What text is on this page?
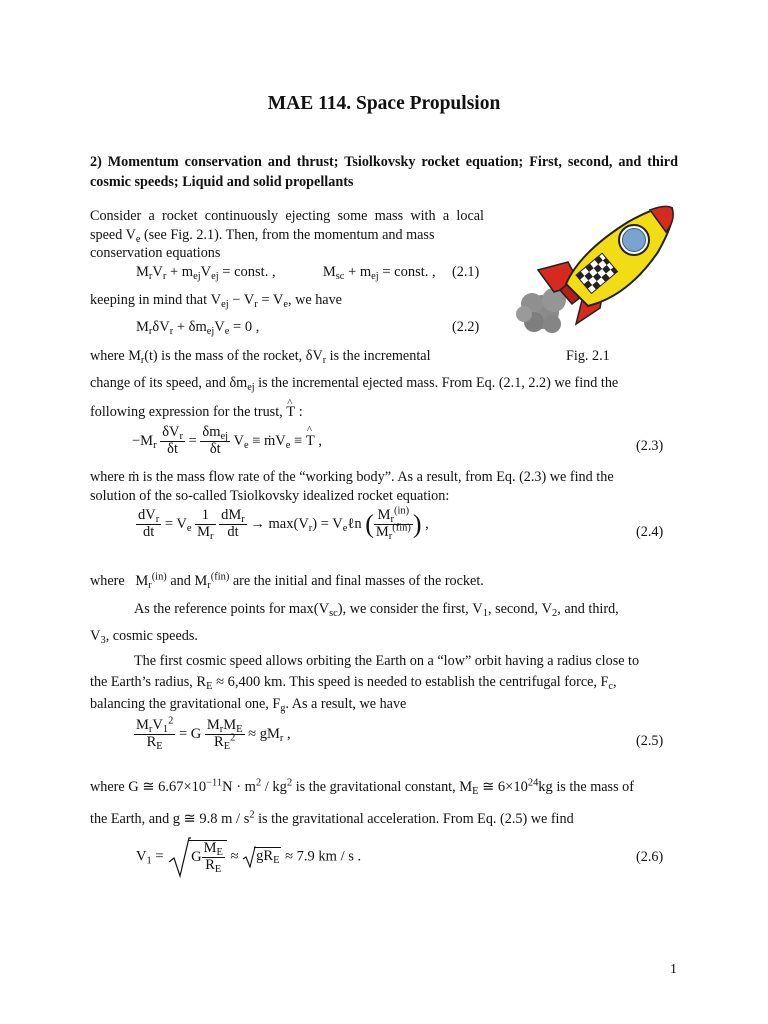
MAE 114. Space Propulsion
2) Momentum conservation and thrust; Tsiolkovsky rocket equation; First, second, and third cosmic speeds; Liquid and solid propellants
Consider a rocket continuously ejecting some mass with a local
speed $V_e$ (see Fig. 2.1). Then, from the momentum and mass
conservation equations
$M_rV_r + m_{ej}V_{ej}$ = const. ,	$M_{sc} + m_{ej}$ = const. , (2.1)
keeping in mind that $V_{ej} - V_r = V_e$, we have
$M_r\delta V_r + \delta m_{ej}V_e = 0$ ,	(2.2)
where $M_r(t)$ is the mass of the rocket, $\delta V_r$ is the incremental	Fig. 2.1
change of its speed, and $\delta m_{ej}$ is the incremental ejected mass. From Eq. (2.1, 2.2) we find the
following expression for the trust, ^ T :
$-M_r \frac{\delta V_r}{\delta t} = \frac{\delta m_{ej}}{\delta t} V_e$ ≡ ṁV$_e$ ≡ ^ T ,	(2.3)
where ṁ is the mass flow rate of the “working body”. As a result, from Eq. (2.3) we find the
solution of the so-called Tsiolkovsky idealized rocket equation:
$\frac{dV_r}{dt} = V_e \frac{1}{M_r}$
$\frac{dM_r}{dt} \to \max(V_r)$ = $V_e\ell n$ ( $\frac{M_r^{(in)}}{M_r^{(fin)}}$ ) ,
(2.4)
where $M_r^{(in)}$ and $M_r^{(fin)}$ are the initial and final masses of the rocket.
As the reference points for $\max(V_{sc})$, we consider the first, $V_1$, second, $V_2$, and third,
$V_3$, cosmic speeds.
The first cosmic speed allows orbiting the Earth on a “low” orbit having a radius close to
the Earth’s radius, $R_E \approx 6,400$ km. This speed is needed to establish the centrifugal force, $F_c$,
balancing the gravitational one, $F_g$. As a result, we have
$\frac{M_rV_1^2}{R_E} = G \frac{M_rM_E}{R_E^2} \approx gM_r$ ,	(2.5)
where G ≅ $6.67\times 10^{-11}N \cdot m^2 / kg^2$ is the gravitational constant, $M_E$ ≅ $6\times 10^{24}kg$ is the mass of
the Earth, and g ≅ 9.8 m / $s^2$ is the gravitational acceleration. From Eq. (2.5) we find
$V_1 = G \frac{M_E}{R_E} \approx gR_E \approx 7.9$ km / s .	(2.6)
1
